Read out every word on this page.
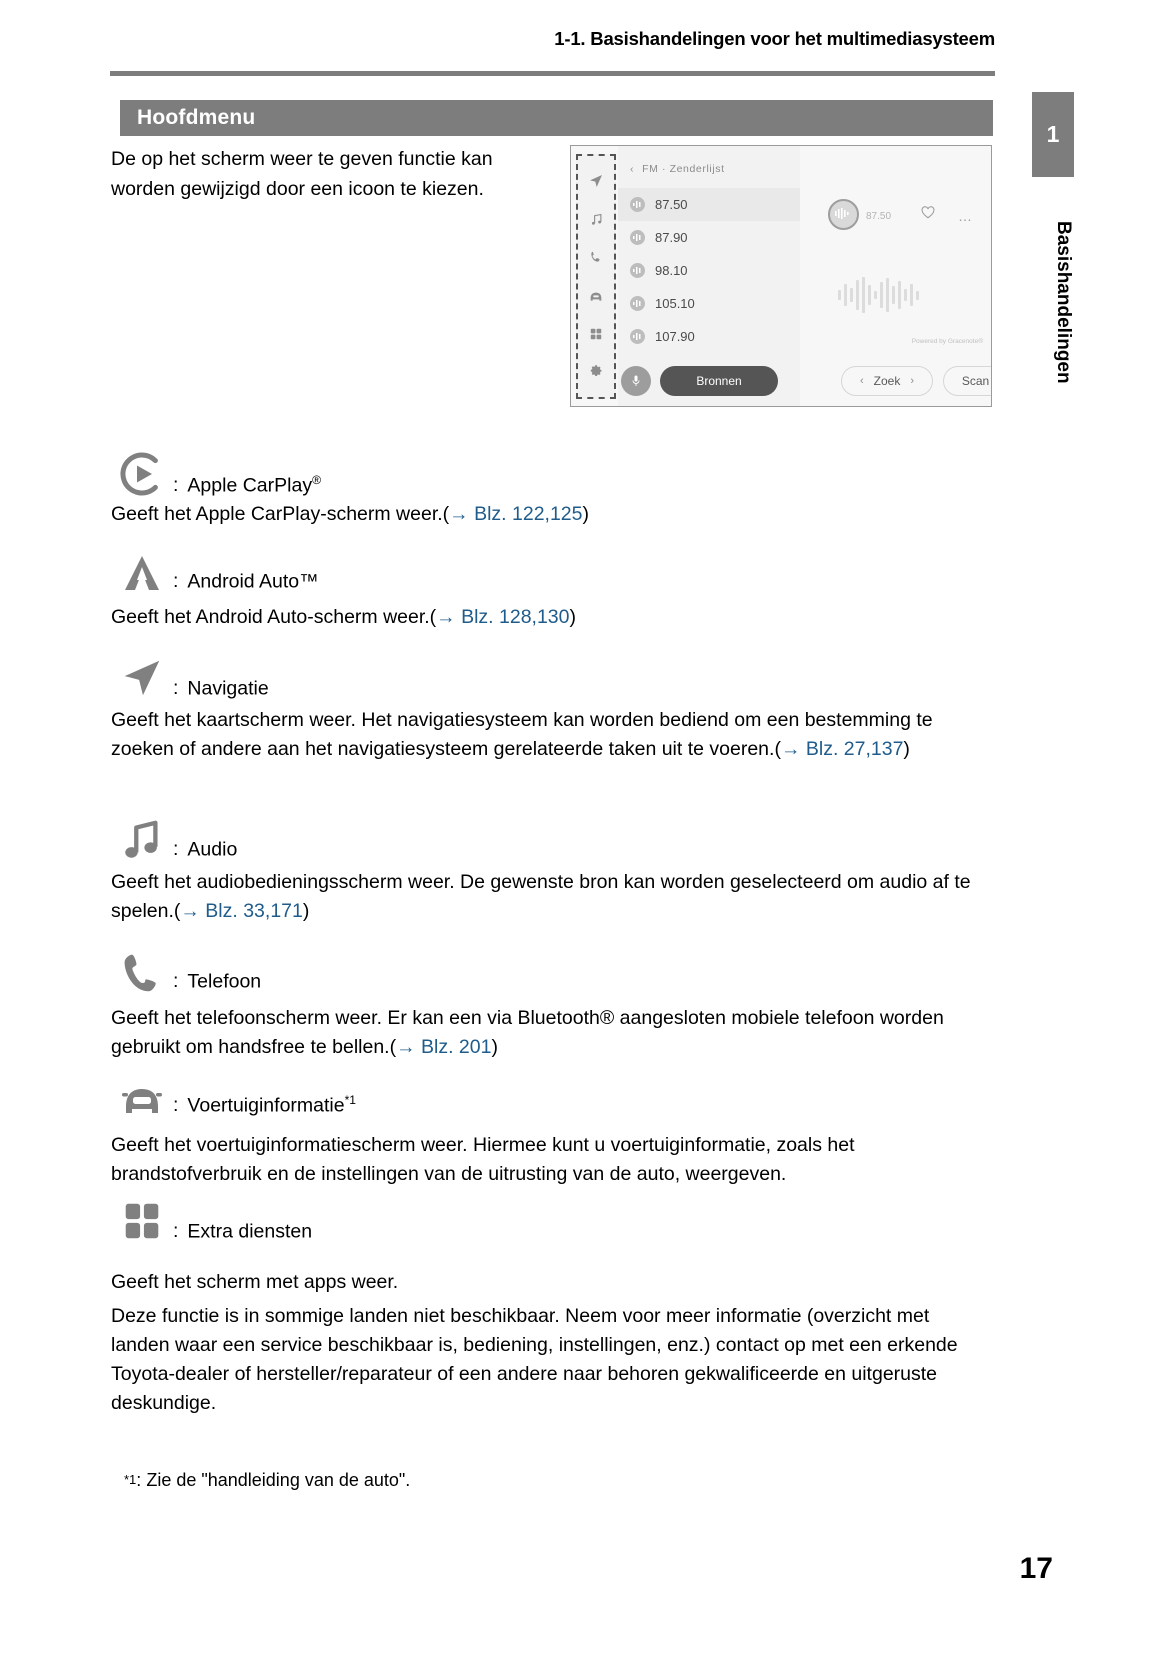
1-1. Basishandelingen voor het multimediasysteem
1
Basishandelingen
Hoofdmenu
De op het scherm weer te geven functie kan worden gewijzigd door een icoon te kiezen.
‹ FM · Zenderlijst
87.50
87.90
98.10
105.10
107.90
87.50	…
Powered by Gracenote®
Bronnen	‹ Zoek ›	Scan
: Apple CarPlay®
Geeft het Apple CarPlay-scherm weer.(→ Blz. 122,125)
: Android Auto™
Geeft het Android Auto-scherm weer.(→ Blz. 128,130)
: Navigatie
Geeft het kaartscherm weer. Het navigatiesysteem kan worden bediend om een bestemming te zoeken of andere aan het navigatiesysteem gerelateerde taken uit te voeren.(→ Blz. 27,137)
: Audio
Geeft het audiobedieningsscherm weer. De gewenste bron kan worden geselecteerd om audio af te spelen.(→ Blz. 33,171)
: Telefoon
Geeft het telefoonscherm weer. Er kan een via Bluetooth® aangesloten mobiele telefoon worden gebruikt om handsfree te bellen.(→ Blz. 201)
: Voertuiginformatie$^{*1}$
Geeft het voertuiginformatiescherm weer. Hiermee kunt u voertuiginformatie, zoals het brandstofverbruik en de instellingen van de uitrusting van de auto, weergeven.
: Extra diensten
Geeft het scherm met apps weer.
Deze functie is in sommige landen niet beschikbaar. Neem voor meer informatie (overzicht met landen waar een service beschikbaar is, bediening, instellingen, enz.) contact op met een erkende Toyota-dealer of hersteller/reparateur of een andere naar behoren gekwalificeerde en uitgeruste deskundige.
*1: Zie de "handleiding van de auto".
17
